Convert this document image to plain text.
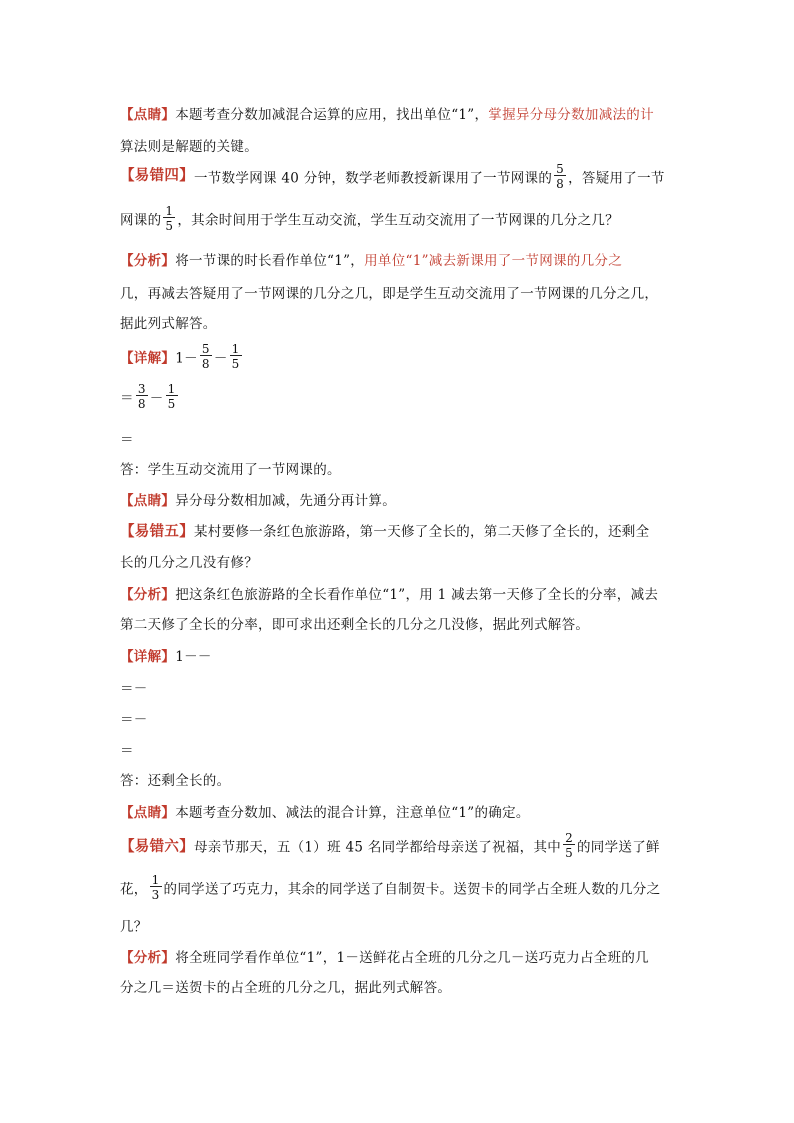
【点睛】本题考查分数加减混合运算的应用，找出单位“1”，掌握异分母分数加减法的计
算法则是解题的关键。
【易错四】一节数学网课 40 分钟，数学老师教授新课用了一节网课的 $\frac{5}{8}$ ，答疑用了一节
网课的 $\frac{1}{5}$ ，其余时间用于学生互动交流，学生互动交流用了一节网课的几分之几？
【分析】将一节课的时长看作单位“1”，用单位“1”减去新课用了一节网课的几分之
几，再减去答疑用了一节网课的几分之几，即是学生互动交流用了一节网课的几分之几，
据此列式解答。
【详解】$1- \frac{5}{8} - \frac{1}{5}$
＝ $\frac{3}{8} - \frac{1}{5}$
＝
答：学生互动交流用了一节网课的。
【点睛】异分母分数相加减，先通分再计算。
【易错五】某村要修一条红色旅游路，第一天修了全长的，第二天修了全长的，还剩全
长的几分之几没有修？
【分析】把这条红色旅游路的全长看作单位“1”，用 1 减去第一天修了全长的分率，减去
第二天修了全长的分率，即可求出还剩全长的几分之几没修，据此列式解答。
【详解】1－－
＝－
＝－
＝
答：还剩全长的。
【点睛】本题考查分数加、减法的混合计算，注意单位“1”的确定。
【易错六】母亲节那天，五（1）班 45 名同学都给母亲送了祝福，其中 $\frac{2}{5}$ 的同学送了鲜
花， $\frac{1}{3}$ 的同学送了巧克力，其余的同学送了自制贺卡。送贺卡的同学占全班人数的几分之
几？
【分析】将全班同学看作单位“1”，1－送鲜花占全班的几分之几－送巧克力占全班的几
分之几＝送贺卡的占全班的几分之几，据此列式解答。
